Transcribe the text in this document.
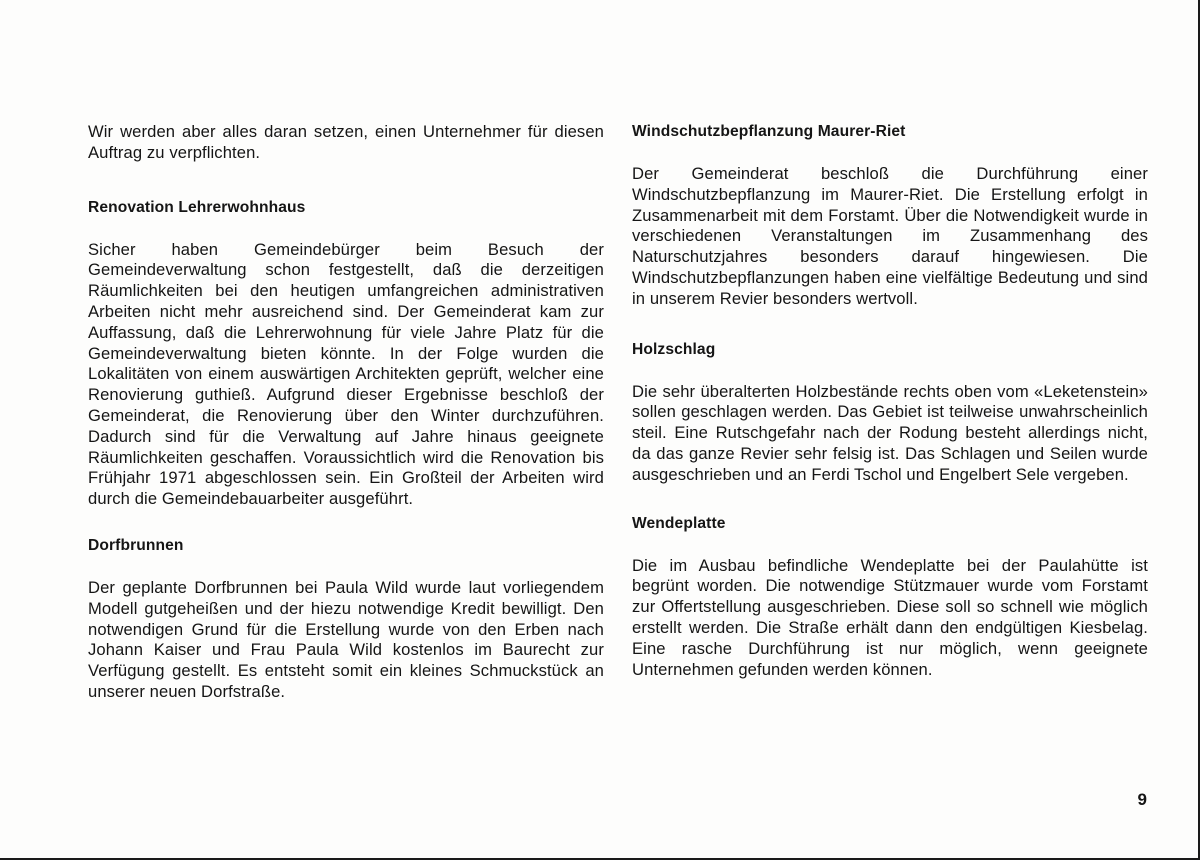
Wir werden aber alles daran setzen, einen Unternehmer für diesen Auftrag zu verpflichten.

Renovation Lehrerwohnhaus

Sicher haben Gemeindebürger beim Besuch der Gemeindeverwaltung schon festgestellt, daß die derzeitigen Räumlichkeiten bei den heutigen umfangreichen administrativen Arbeiten nicht mehr ausreichend sind. Der Gemeinderat kam zur Auffassung, daß die Lehrerwohnung für viele Jahre Platz für die Gemeindeverwaltung bieten könnte. In der Folge wurden die Lokalitäten von einem auswärtigen Architekten geprüft, welcher eine Renovierung guthieß. Aufgrund dieser Ergebnisse beschloß der Gemeinderat, die Renovierung über den Winter durchzuführen. Dadurch sind für die Verwaltung auf Jahre hinaus geeignete Räumlichkeiten geschaffen. Voraussichtlich wird die Renovation bis Frühjahr 1971 abgeschlossen sein. Ein Großteil der Arbeiten wird durch die Gemeindebauarbeiter ausgeführt.

Dorfbrunnen

Der geplante Dorfbrunnen bei Paula Wild wurde laut vorliegendem Modell gutgeheißen und der hiezu notwendige Kredit bewilligt. Den notwendigen Grund für die Erstellung wurde von den Erben nach Johann Kaiser und Frau Paula Wild kostenlos im Baurecht zur Verfügung gestellt. Es entsteht somit ein kleines Schmuckstück an unserer neuen Dorfstraße.

Windschutzbepflanzung Maurer-Riet

Der Gemeinderat beschloß die Durchführung einer Windschutzbepflanzung im Maurer-Riet. Die Erstellung erfolgt in Zusammenarbeit mit dem Forstamt. Über die Notwendigkeit wurde in verschiedenen Veranstaltungen im Zusammenhang des Naturschutzjahres besonders darauf hingewiesen. Die Windschutzbepflanzungen haben eine vielfältige Bedeutung und sind in unserem Revier besonders wertvoll.

Holzschlag

Die sehr überalterten Holzbestände rechts oben vom «Leketenstein» sollen geschlagen werden. Das Gebiet ist teilweise unwahrscheinlich steil. Eine Rutschgefahr nach der Rodung besteht allerdings nicht, da das ganze Revier sehr felsig ist. Das Schlagen und Seilen wurde ausgeschrieben und an Ferdi Tschol und Engelbert Sele vergeben.

Wendeplatte

Die im Ausbau befindliche Wendeplatte bei der Paulahütte ist begrünt worden. Die notwendige Stützmauer wurde vom Forstamt zur Offertstellung ausgeschrieben. Diese soll so schnell wie möglich erstellt werden. Die Straße erhält dann den endgültigen Kiesbelag. Eine rasche Durchführung ist nur möglich, wenn geeignete Unternehmen gefunden werden können.

9
